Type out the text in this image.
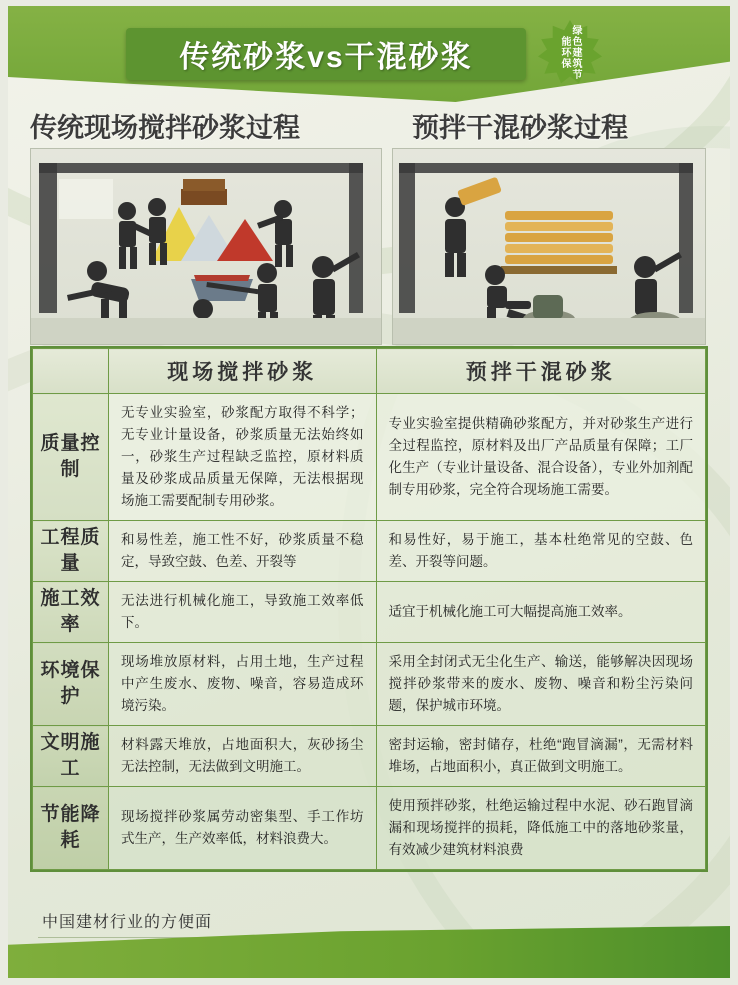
传统砂浆vs干混砂浆	绿色建筑节能环保
传统现场搅拌砂浆过程	预拌干混砂浆过程
	现场搅拌砂浆	预拌干混砂浆
质量控制	无专业实验室，砂浆配方取得不科学；无专业计量设备，砂浆质量无法始终如一，砂浆生产过程缺乏监控，原材料质量及砂浆成品质量无保障，无法根据现场施工需要配制专用砂浆。	专业实验室提供精确砂浆配方，并对砂浆生产进行全过程监控，原材料及出厂产品质量有保障；工厂化生产（专业计量设备、混合设备），专业外加剂配制专用砂浆，完全符合现场施工需要。
工程质量	和易性差，施工性不好，砂浆质量不稳定，导致空鼓、色差、开裂等	和易性好，易于施工，基本杜绝常见的空鼓、色差、开裂等问题。
施工效率	无法进行机械化施工，导致施工效率低下。	适宜于机械化施工可大幅提高施工效率。
环境保护	现场堆放原材料，占用土地，生产过程中产生废水、废物、噪音，容易造成环境污染。	采用全封闭式无尘化生产、输送，能够解决因现场搅拌砂浆带来的废水、废物、噪音和粉尘污染问题，保护城市环境。
文明施工	材料露天堆放，占地面积大，灰砂扬尘无法控制，无法做到文明施工。	密封运输，密封储存，杜绝“跑冒滴漏”，无需材料堆场，占地面积小，真正做到文明施工。
节能降耗	现场搅拌砂浆属劳动密集型、手工作坊式生产，生产效率低，材料浪费大。	使用预拌砂浆，杜绝运输过程中水泥、砂石跑冒滴漏和现场搅拌的损耗，降低施工中的落地砂浆量，有效减少建筑材料浪费
中国建材行业的方便面
